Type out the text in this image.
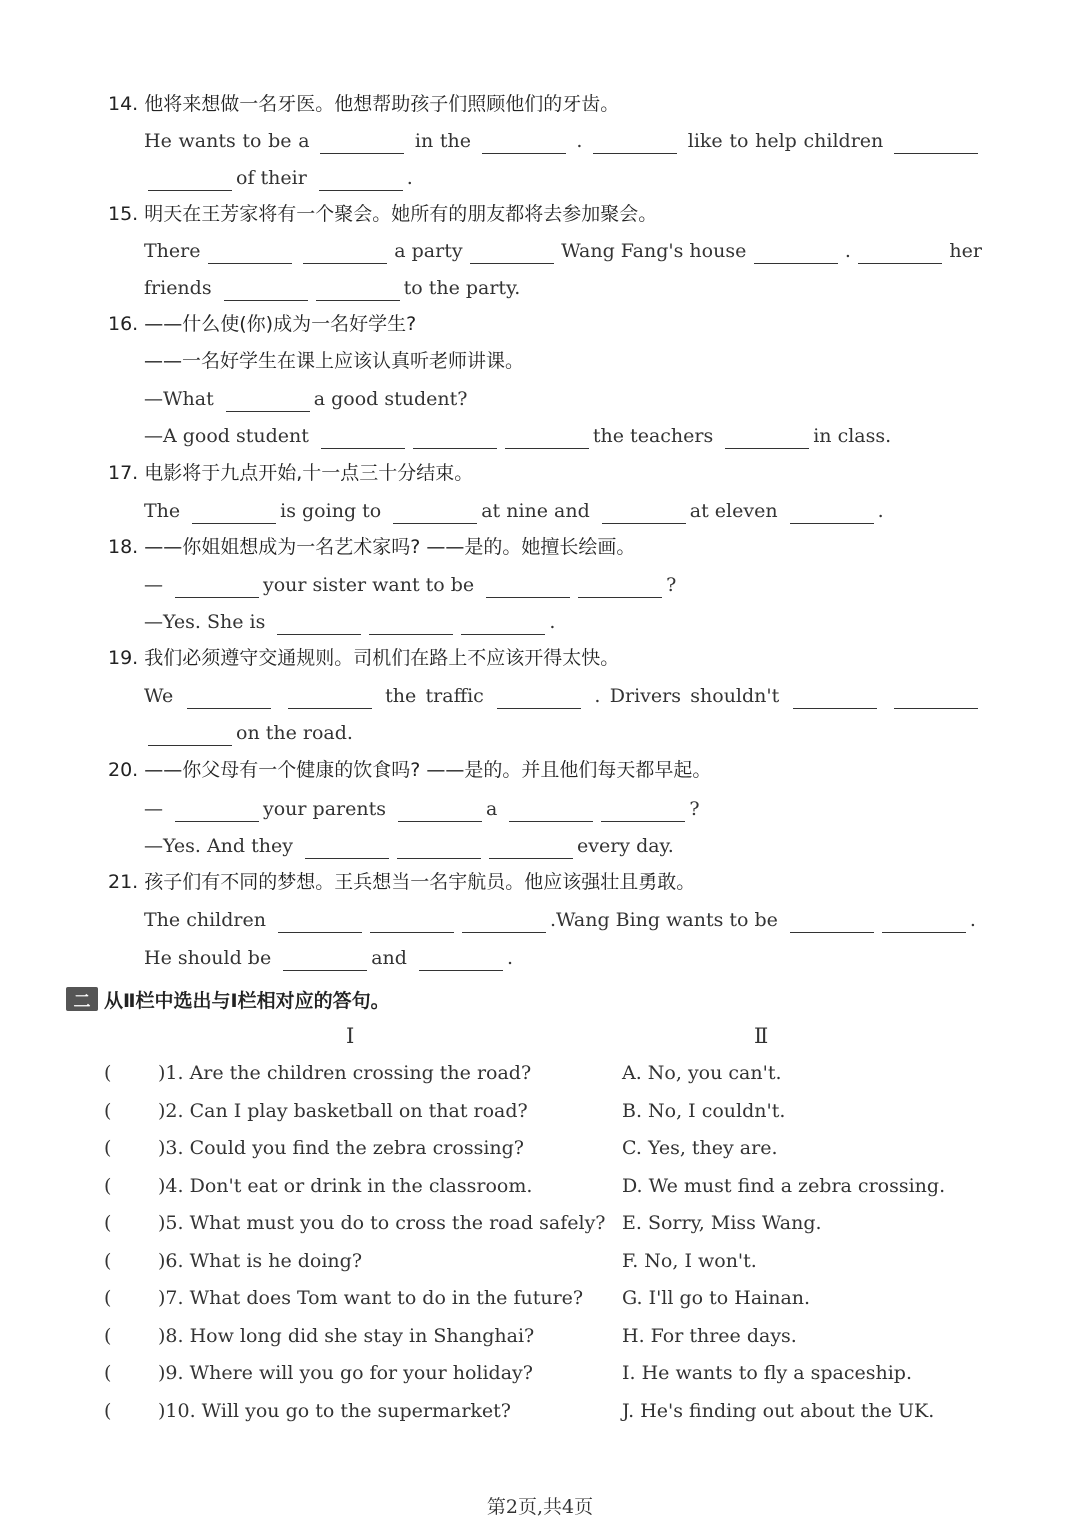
14. 他将来想做一名牙医。他想帮助孩子们照顾他们的牙齿。
He wants to be a	in the	.	like to help children
of their	.
15. 明天在王芳家将有一个聚会。她所有的朋友都将去参加聚会。
There	a party	Wang Fang's house	.	her
friends	to the party.
16. ——什么使(你)成为一名好学生?
——一名好学生在课上应该认真听老师讲课。
—What	a good student?
—A good student	the teachers	in class.
17. 电影将于九点开始,十一点三十分结束。
The	is going to	at nine and	at eleven	.
18. ——你姐姐想成为一名艺术家吗? ——是的。她擅长绘画。
—	your sister want to be	?
—Yes. She is	.
19. 我们必须遵守交通规则。司机们在路上不应该开得太快。
We	the traffic	. Drivers shouldn't
on the road.
20. ——你父母有一个健康的饮食吗? ——是的。并且他们每天都早起。
—	your parents	a	?
—Yes. And they	every day.
21. 孩子们有不同的梦想。王兵想当一名宇航员。他应该强壮且勇敢。
The children	. Wang Bing wants to be	.
He should be	and	.
二 从Ⅱ栏中选出与Ⅰ栏相对应的答句。
Ⅰ	Ⅱ
( )1. Are the children crossing the road?	A. No, you can't.
( )2. Can I play basketball on that road?	B. No, I couldn't.
( )3. Could you find the zebra crossing?	C. Yes, they are.
( )4. Don't eat or drink in the classroom.	D. We must find a zebra crossing.
( )5. What must you do to cross the road safely? E. Sorry, Miss Wang.
( )6. What is he doing?	F. No, I won't.
( )7. What does Tom want to do in the future? G. I'll go to Hainan.
( )8. How long did she stay in Shanghai?	H. For three days.
( )9. Where will you go for your holiday?	I. He wants to fly a spaceship.
( )10. Will you go to the supermarket?	J. He's finding out about the UK.
第2页,共4页
